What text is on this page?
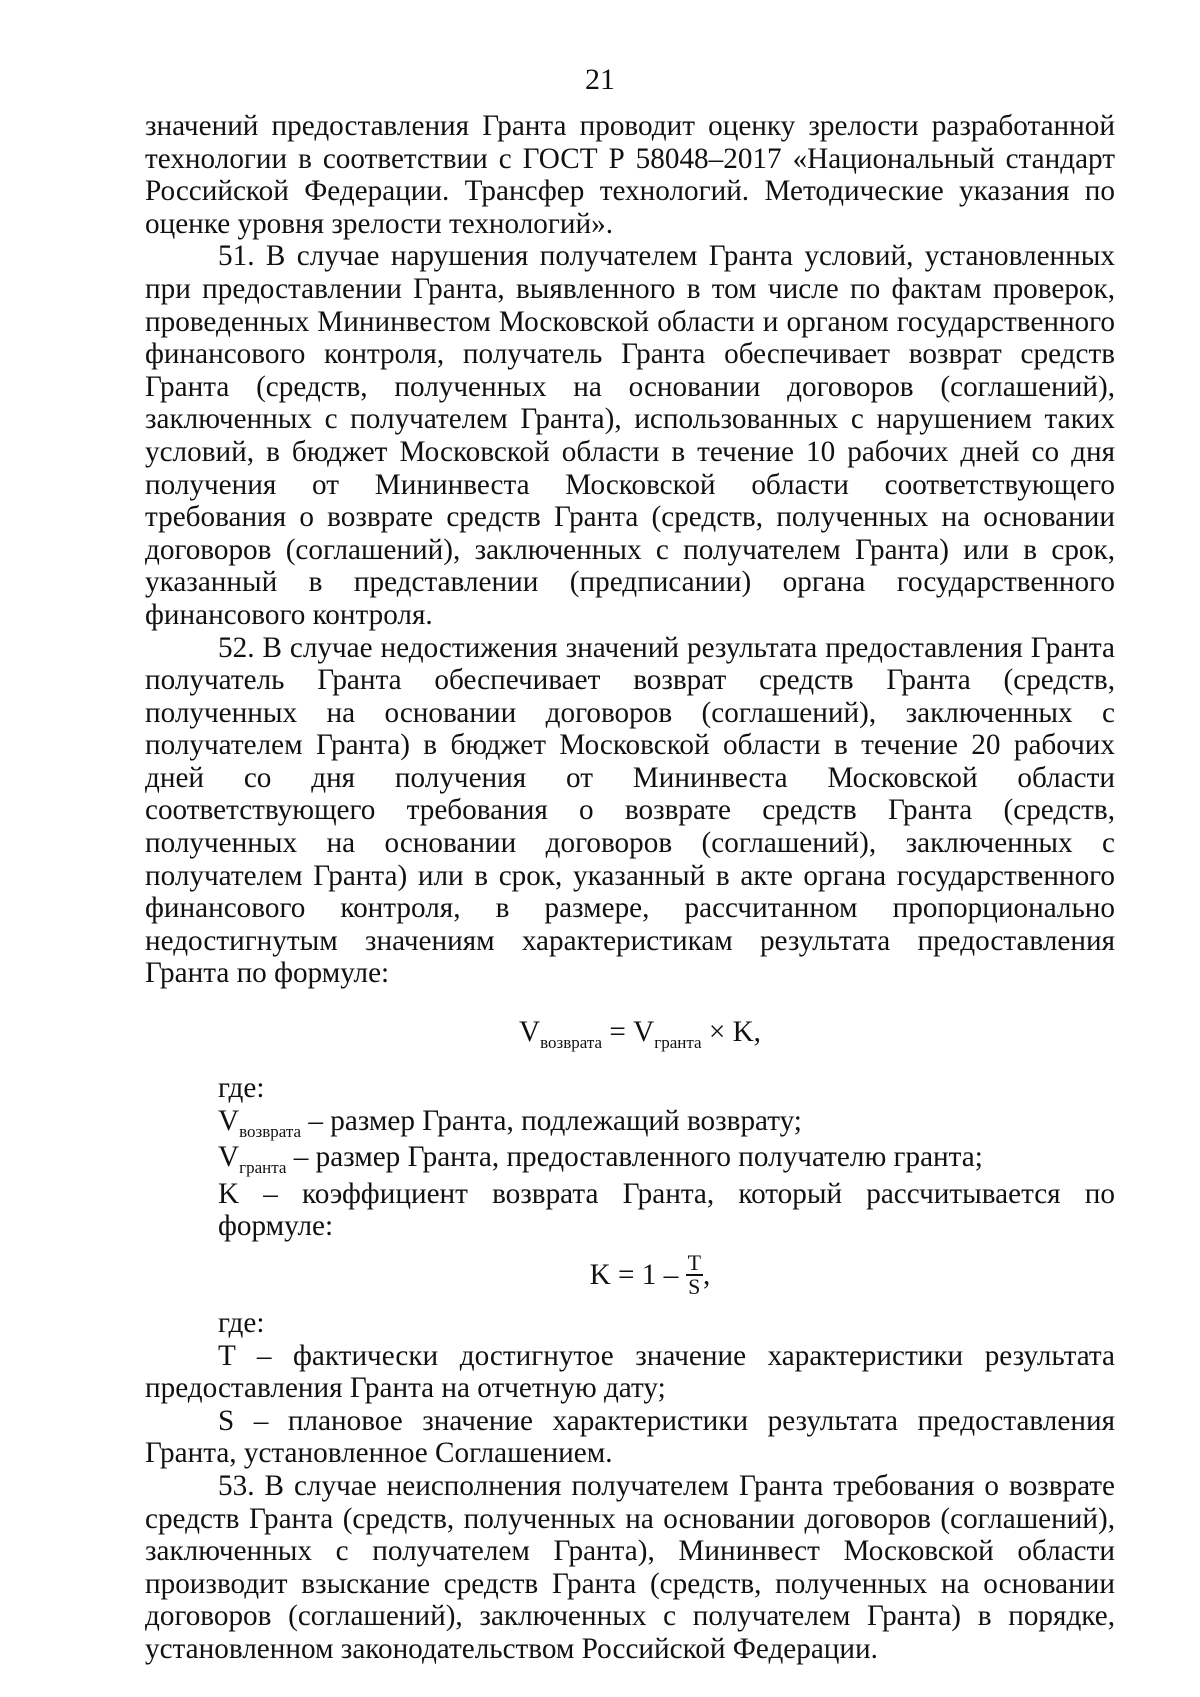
21

значений предоставления Гранта проводит оценку зрелости разработанной технологии в соответствии с ГОСТ Р 58048–2017 «Национальный стандарт Российской Федерации. Трансфер технологий. Методические указания по оценке уровня зрелости технологий».

51. В случае нарушения получателем Гранта условий, установленных при предоставлении Гранта, выявленного в том числе по фактам проверок, проведенных Мининвестом Московской области и органом государственного финансового контроля, получатель Гранта обеспечивает возврат средств Гранта (средств, полученных на основании договоров (соглашений), заключенных с получателем Гранта), использованных с нарушением таких условий, в бюджет Московской области в течение 10 рабочих дней со дня получения от Мининвеста Московской области соответствующего требования о возврате средств Гранта (средств, полученных на основании договоров (соглашений), заключенных с получателем Гранта) или в срок, указанный в представлении (предписании) органа государственного финансового контроля.

52. В случае недостижения значений результата предоставления Гранта получатель Гранта обеспечивает возврат средств Гранта (средств, полученных на основании договоров (соглашений), заключенных с получателем Гранта) в бюджет Московской области в течение 20 рабочих дней со дня получения от Мининвеста Московской области соответствующего требования о возврате средств Гранта (средств, полученных на основании договоров (соглашений), заключенных с получателем Гранта) или в срок, указанный в акте органа государственного финансового контроля, в размере, рассчитанном пропорционально недостигнутым значениям характеристикам результата предоставления Гранта по формуле:

$V_{возврата} = V_{гранта} \times K$,

где:

$V_{возврата}$ – размер Гранта, подлежащий возврату;

$V_{гранта}$ – размер Гранта, предоставленного получателю гранта;

K – коэффициент возврата Гранта, который рассчитывается по формуле:

$K = 1 - \frac{T}{S}$ ,

где:

T – фактически достигнутое значение характеристики результата предоставления Гранта на отчетную дату;

S – плановое значение характеристики результата предоставления Гранта, установленное Соглашением.

53. В случае неисполнения получателем Гранта требования о возврате средств Гранта (средств, полученных на основании договоров (соглашений), заключенных с получателем Гранта), Мининвест Московской области производит взыскание средств Гранта (средств, полученных на основании договоров (соглашений), заключенных с получателем Гранта) в порядке, установленном законодательством Российской Федерации.
